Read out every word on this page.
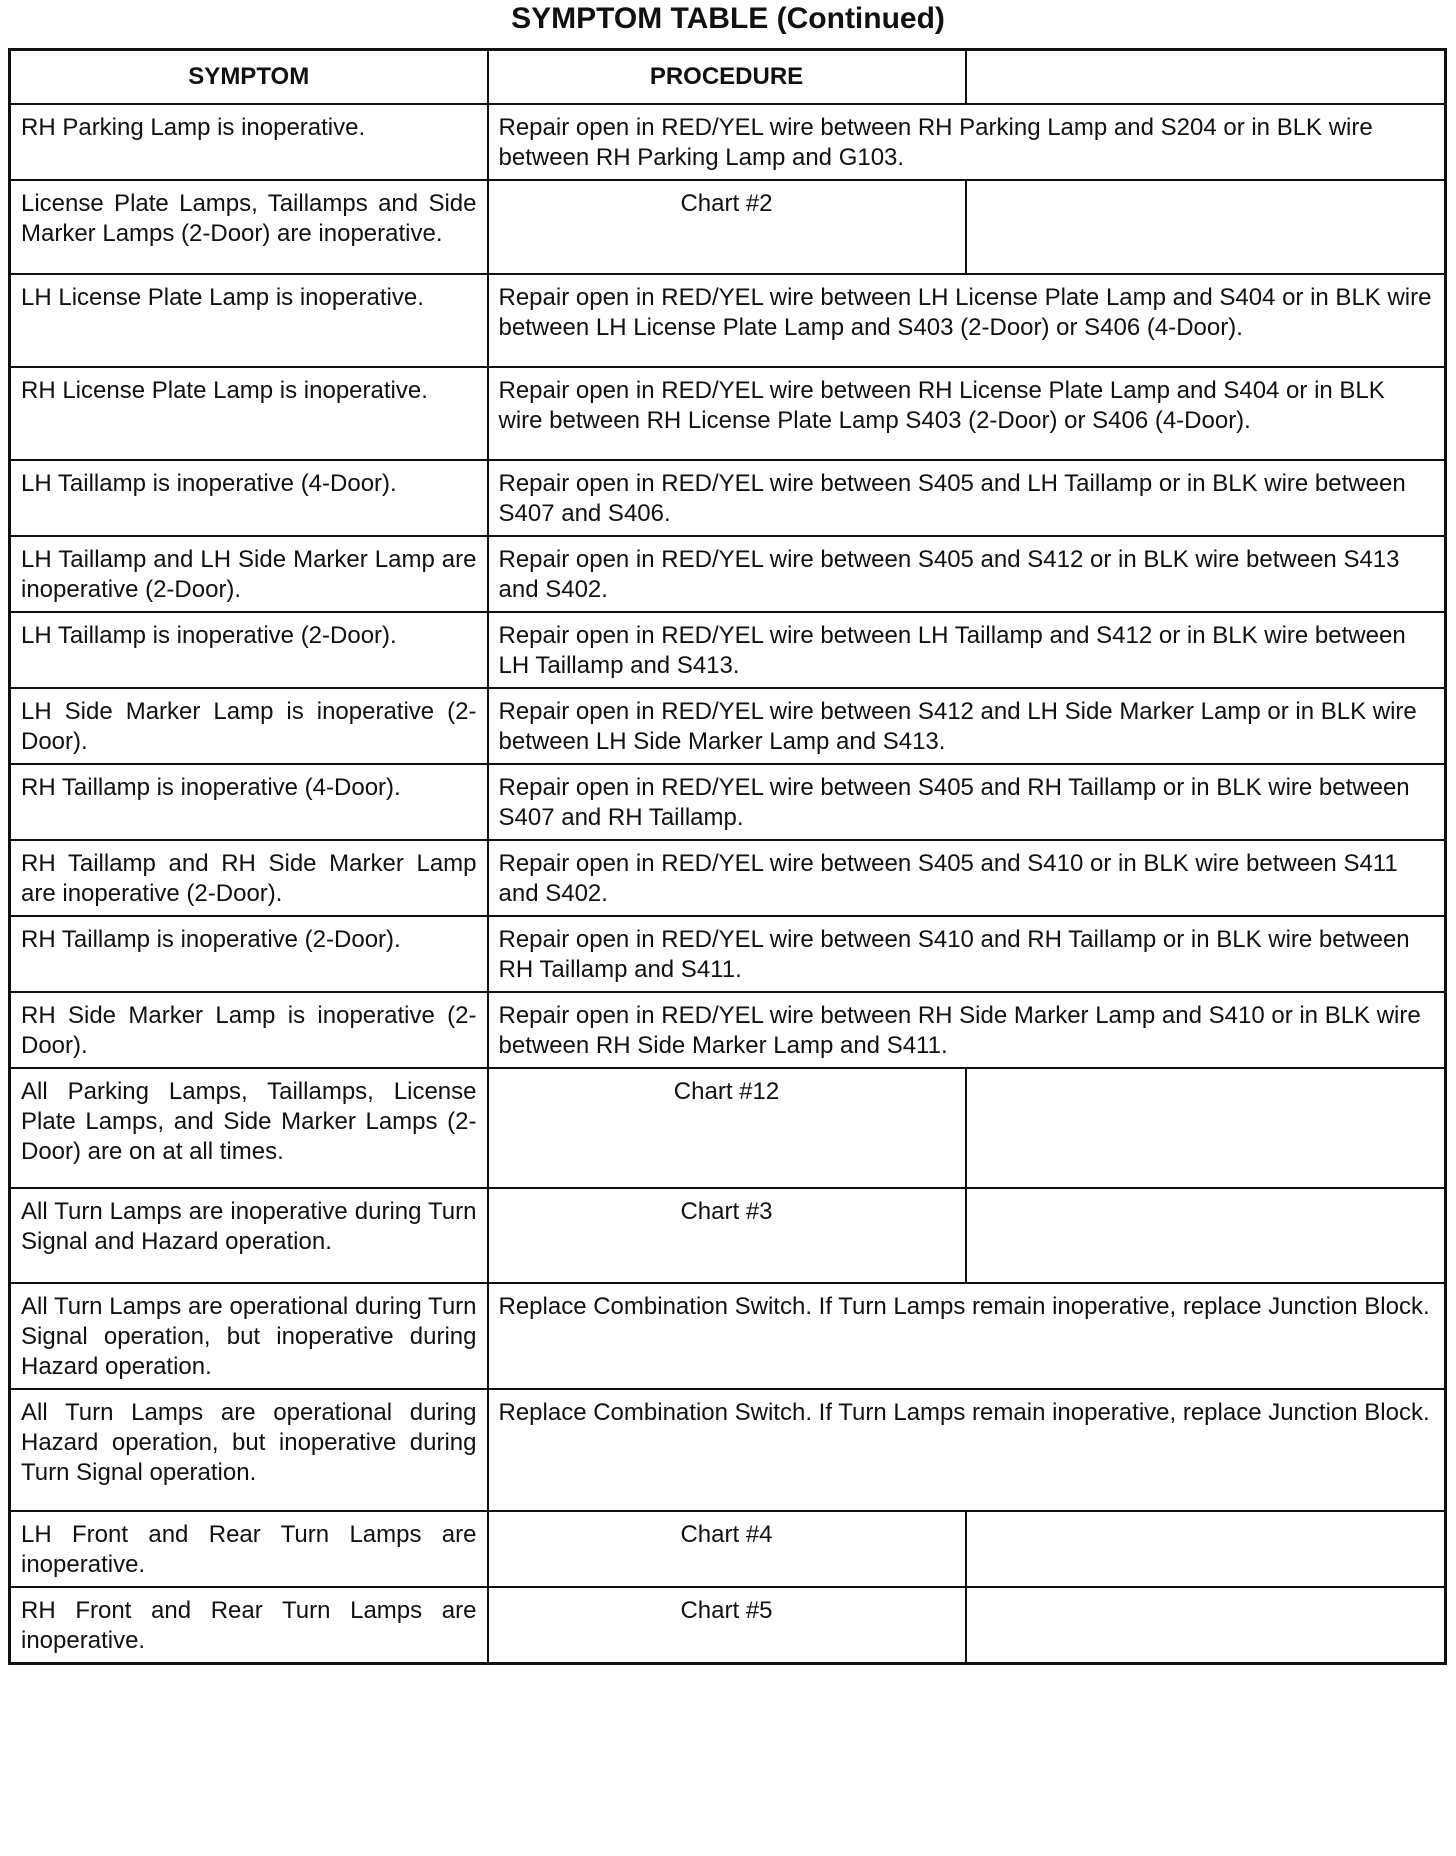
SYMPTOM TABLE (Continued)
SYMPTOM	PROCEDURE	
RH Parking Lamp is inoperative.	Repair open in RED/YEL wire between RH Parking Lamp and S204 or in BLK wire between RH Parking Lamp and G103.	
License Plate Lamps, Taillamps and Side Marker Lamps (2-Door) are inoperative.	Chart #2	
LH License Plate Lamp is inoperative.	Repair open in RED/YEL wire between LH License Plate Lamp and S404 or in BLK wire between LH License Plate Lamp and S403 (2-Door) or S406 (4-Door).	
RH License Plate Lamp is inoperative.	Repair open in RED/YEL wire between RH License Plate Lamp and S404 or in BLK wire between RH License Plate Lamp S403 (2-Door) or S406 (4-Door).	
LH Taillamp is inoperative (4-Door).	Repair open in RED/YEL wire between S405 and LH Taillamp or in BLK wire between S407 and S406.	
LH Taillamp and LH Side Marker Lamp are inoperative (2-Door).	Repair open in RED/YEL wire between S405 and S412 or in BLK wire between S413 and S402.	
LH Taillamp is inoperative (2-Door).	Repair open in RED/YEL wire between LH Taillamp and S412 or in BLK wire between LH Taillamp and S413.	
LH Side Marker Lamp is inoperative (2-Door).	Repair open in RED/YEL wire between S412 and LH Side Marker Lamp or in BLK wire between LH Side Marker Lamp and S413.	
RH Taillamp is inoperative (4-Door).	Repair open in RED/YEL wire between S405 and RH Taillamp or in BLK wire between S407 and RH Taillamp.	
RH Taillamp and RH Side Marker Lamp are inoperative (2-Door).	Repair open in RED/YEL wire between S405 and S410 or in BLK wire between S411 and S402.	
RH Taillamp is inoperative (2-Door).	Repair open in RED/YEL wire between S410 and RH Taillamp or in BLK wire between RH Taillamp and S411.	
RH Side Marker Lamp is inoperative (2-Door).	Repair open in RED/YEL wire between RH Side Marker Lamp and S410 or in BLK wire between RH Side Marker Lamp and S411.	
All Parking Lamps, Taillamps, License Plate Lamps, and Side Marker Lamps (2-Door) are on at all times.	Chart #12	
All Turn Lamps are inoperative during Turn Signal and Hazard operation.	Chart #3	
All Turn Lamps are operational during Turn Signal operation, but inoperative during Hazard operation.	Replace Combination Switch. If Turn Lamps remain inoperative, replace Junction Block.	
All Turn Lamps are operational during Hazard operation, but inoperative during Turn Signal operation.	Replace Combination Switch. If Turn Lamps remain inoperative, replace Junction Block.	
LH Front and Rear Turn Lamps are inoperative.	Chart #4	
RH Front and Rear Turn Lamps are inoperative.	Chart #5	
